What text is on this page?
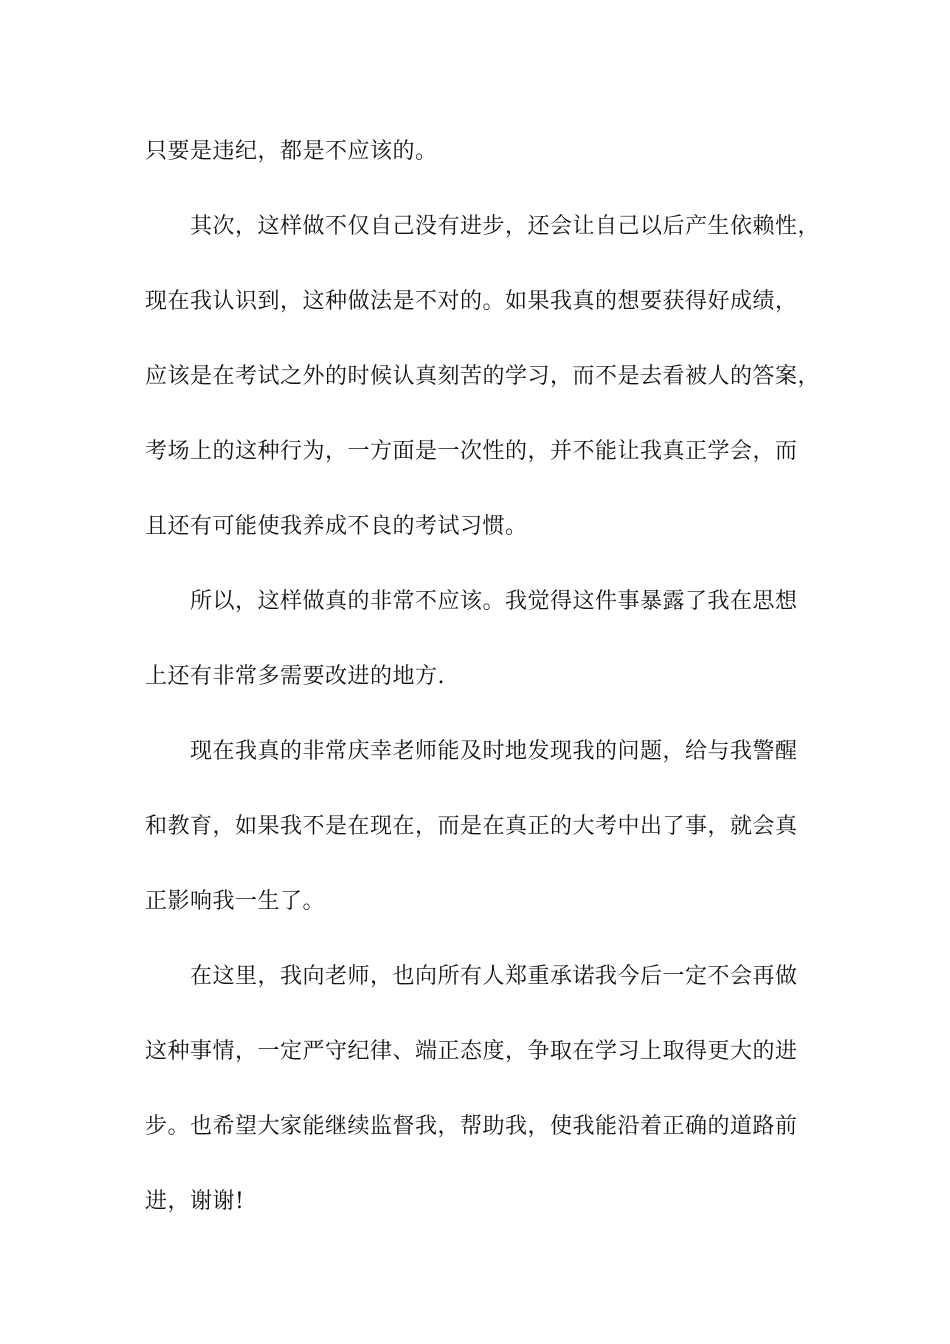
只要是违纪，都是不应该的。
其次，这样做不仅自己没有进步，还会让自己以后产生依赖性，
现在我认识到，这种做法是不对的。如果我真的想要获得好成绩，
应该是在考试之外的时候认真刻苦的学习，而不是去看被人的答案，
考场上的这种行为，一方面是一次性的，并不能让我真正学会，而
且还有可能使我养成不良的考试习惯。
所以，这样做真的非常不应该。我觉得这件事暴露了我在思想
上还有非常多需要改进的地方.
现在我真的非常庆幸老师能及时地发现我的问题，给与我警醒
和教育，如果我不是在现在，而是在真正的大考中出了事，就会真
正影响我一生了。
在这里，我向老师，也向所有人郑重承诺我今后一定不会再做
这种事情，一定严守纪律、端正态度，争取在学习上取得更大的进
步。也希望大家能继续监督我，帮助我，使我能沿着正确的道路前
进，谢谢!
